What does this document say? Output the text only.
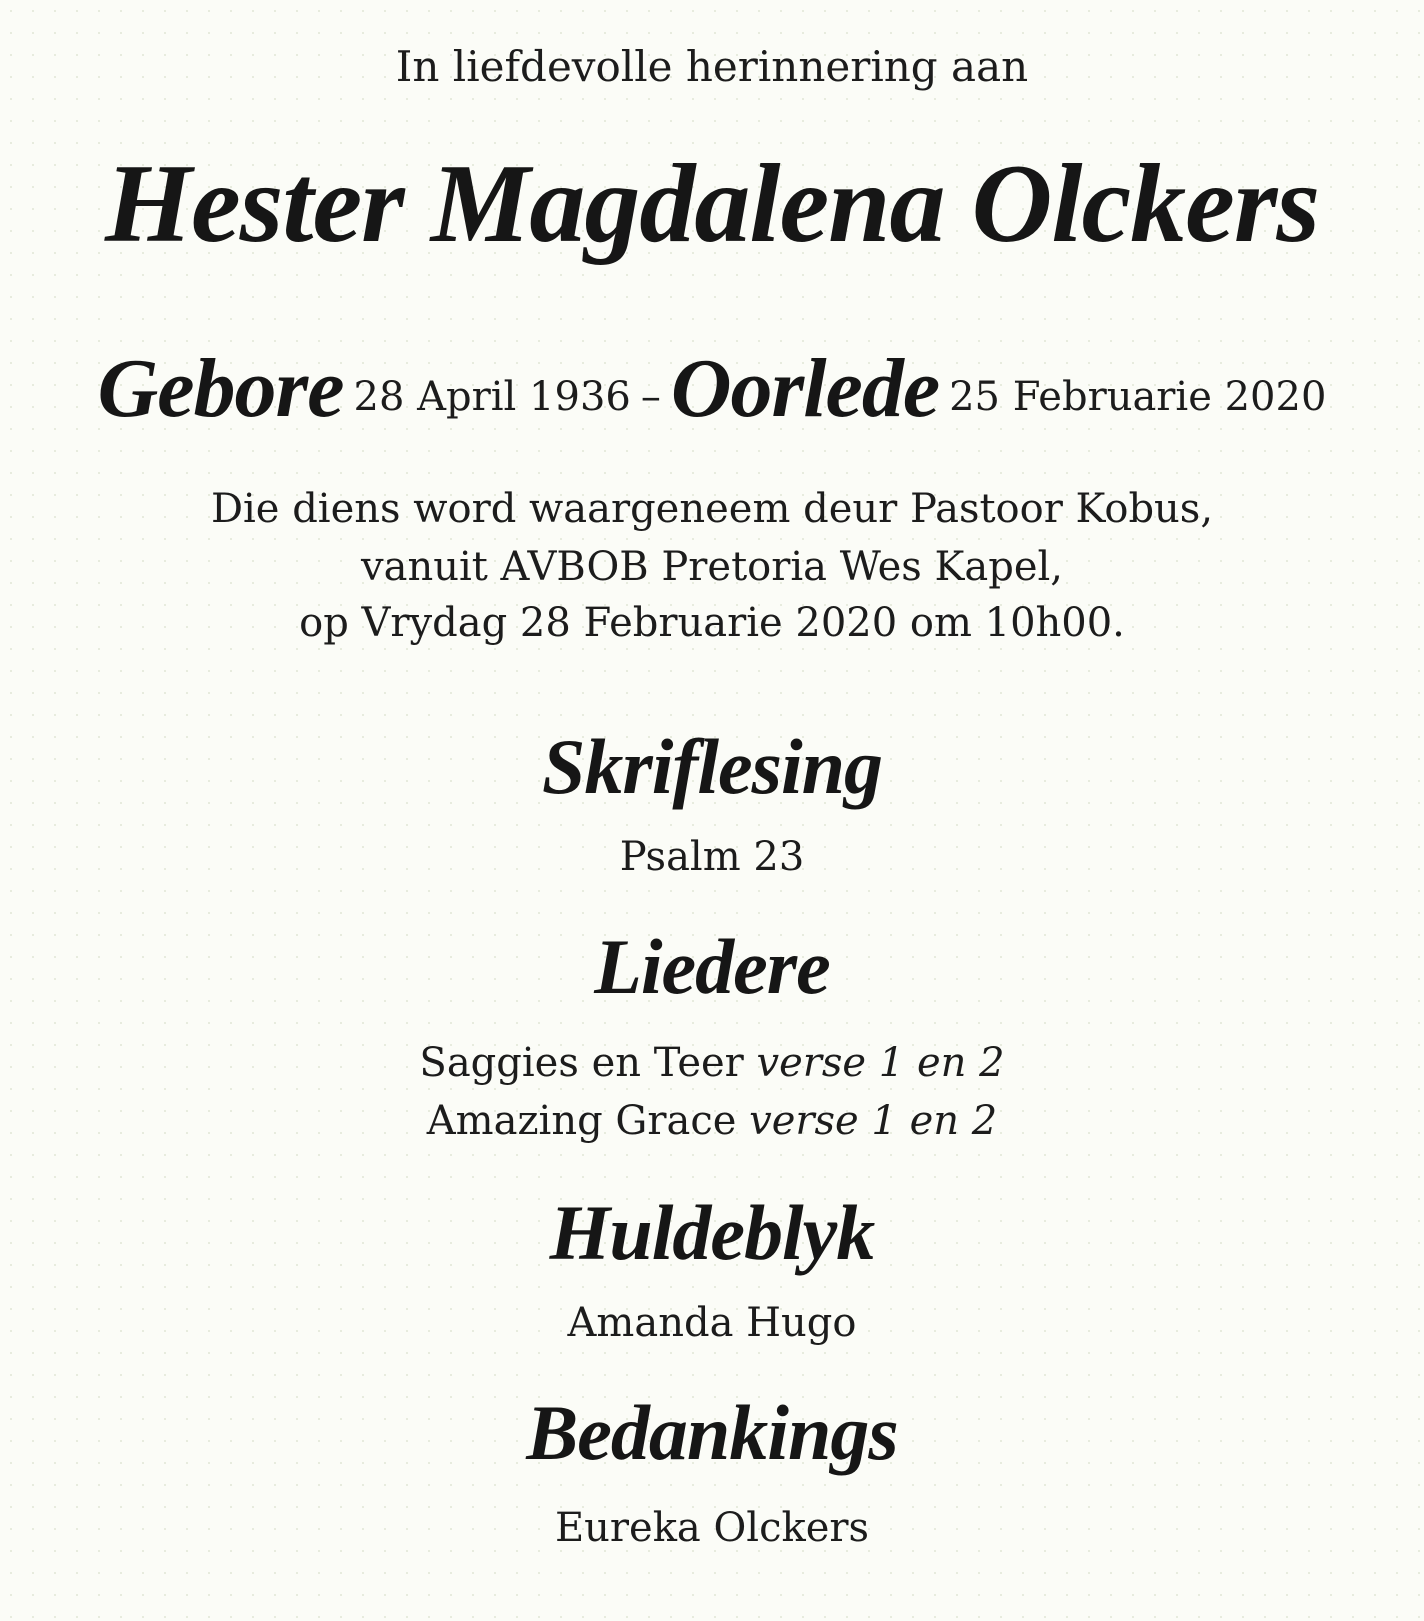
In liefdevolle herinnering aan
Hester Magdalena Olckers
Gebore 28 April 1936 – Oorlede 25 Februarie 2020
Die diens word waargeneem deur Pastoor Kobus,
vanuit AVBOB Pretoria Wes Kapel,
op Vrydag 28 Februarie 2020 om 10h00.
Skriflesing
Psalm 23
Liedere
Saggies en Teer verse 1 en 2
Amazing Grace verse 1 en 2
Huldeblyk
Amanda Hugo
Bedankings
Eureka Olckers
